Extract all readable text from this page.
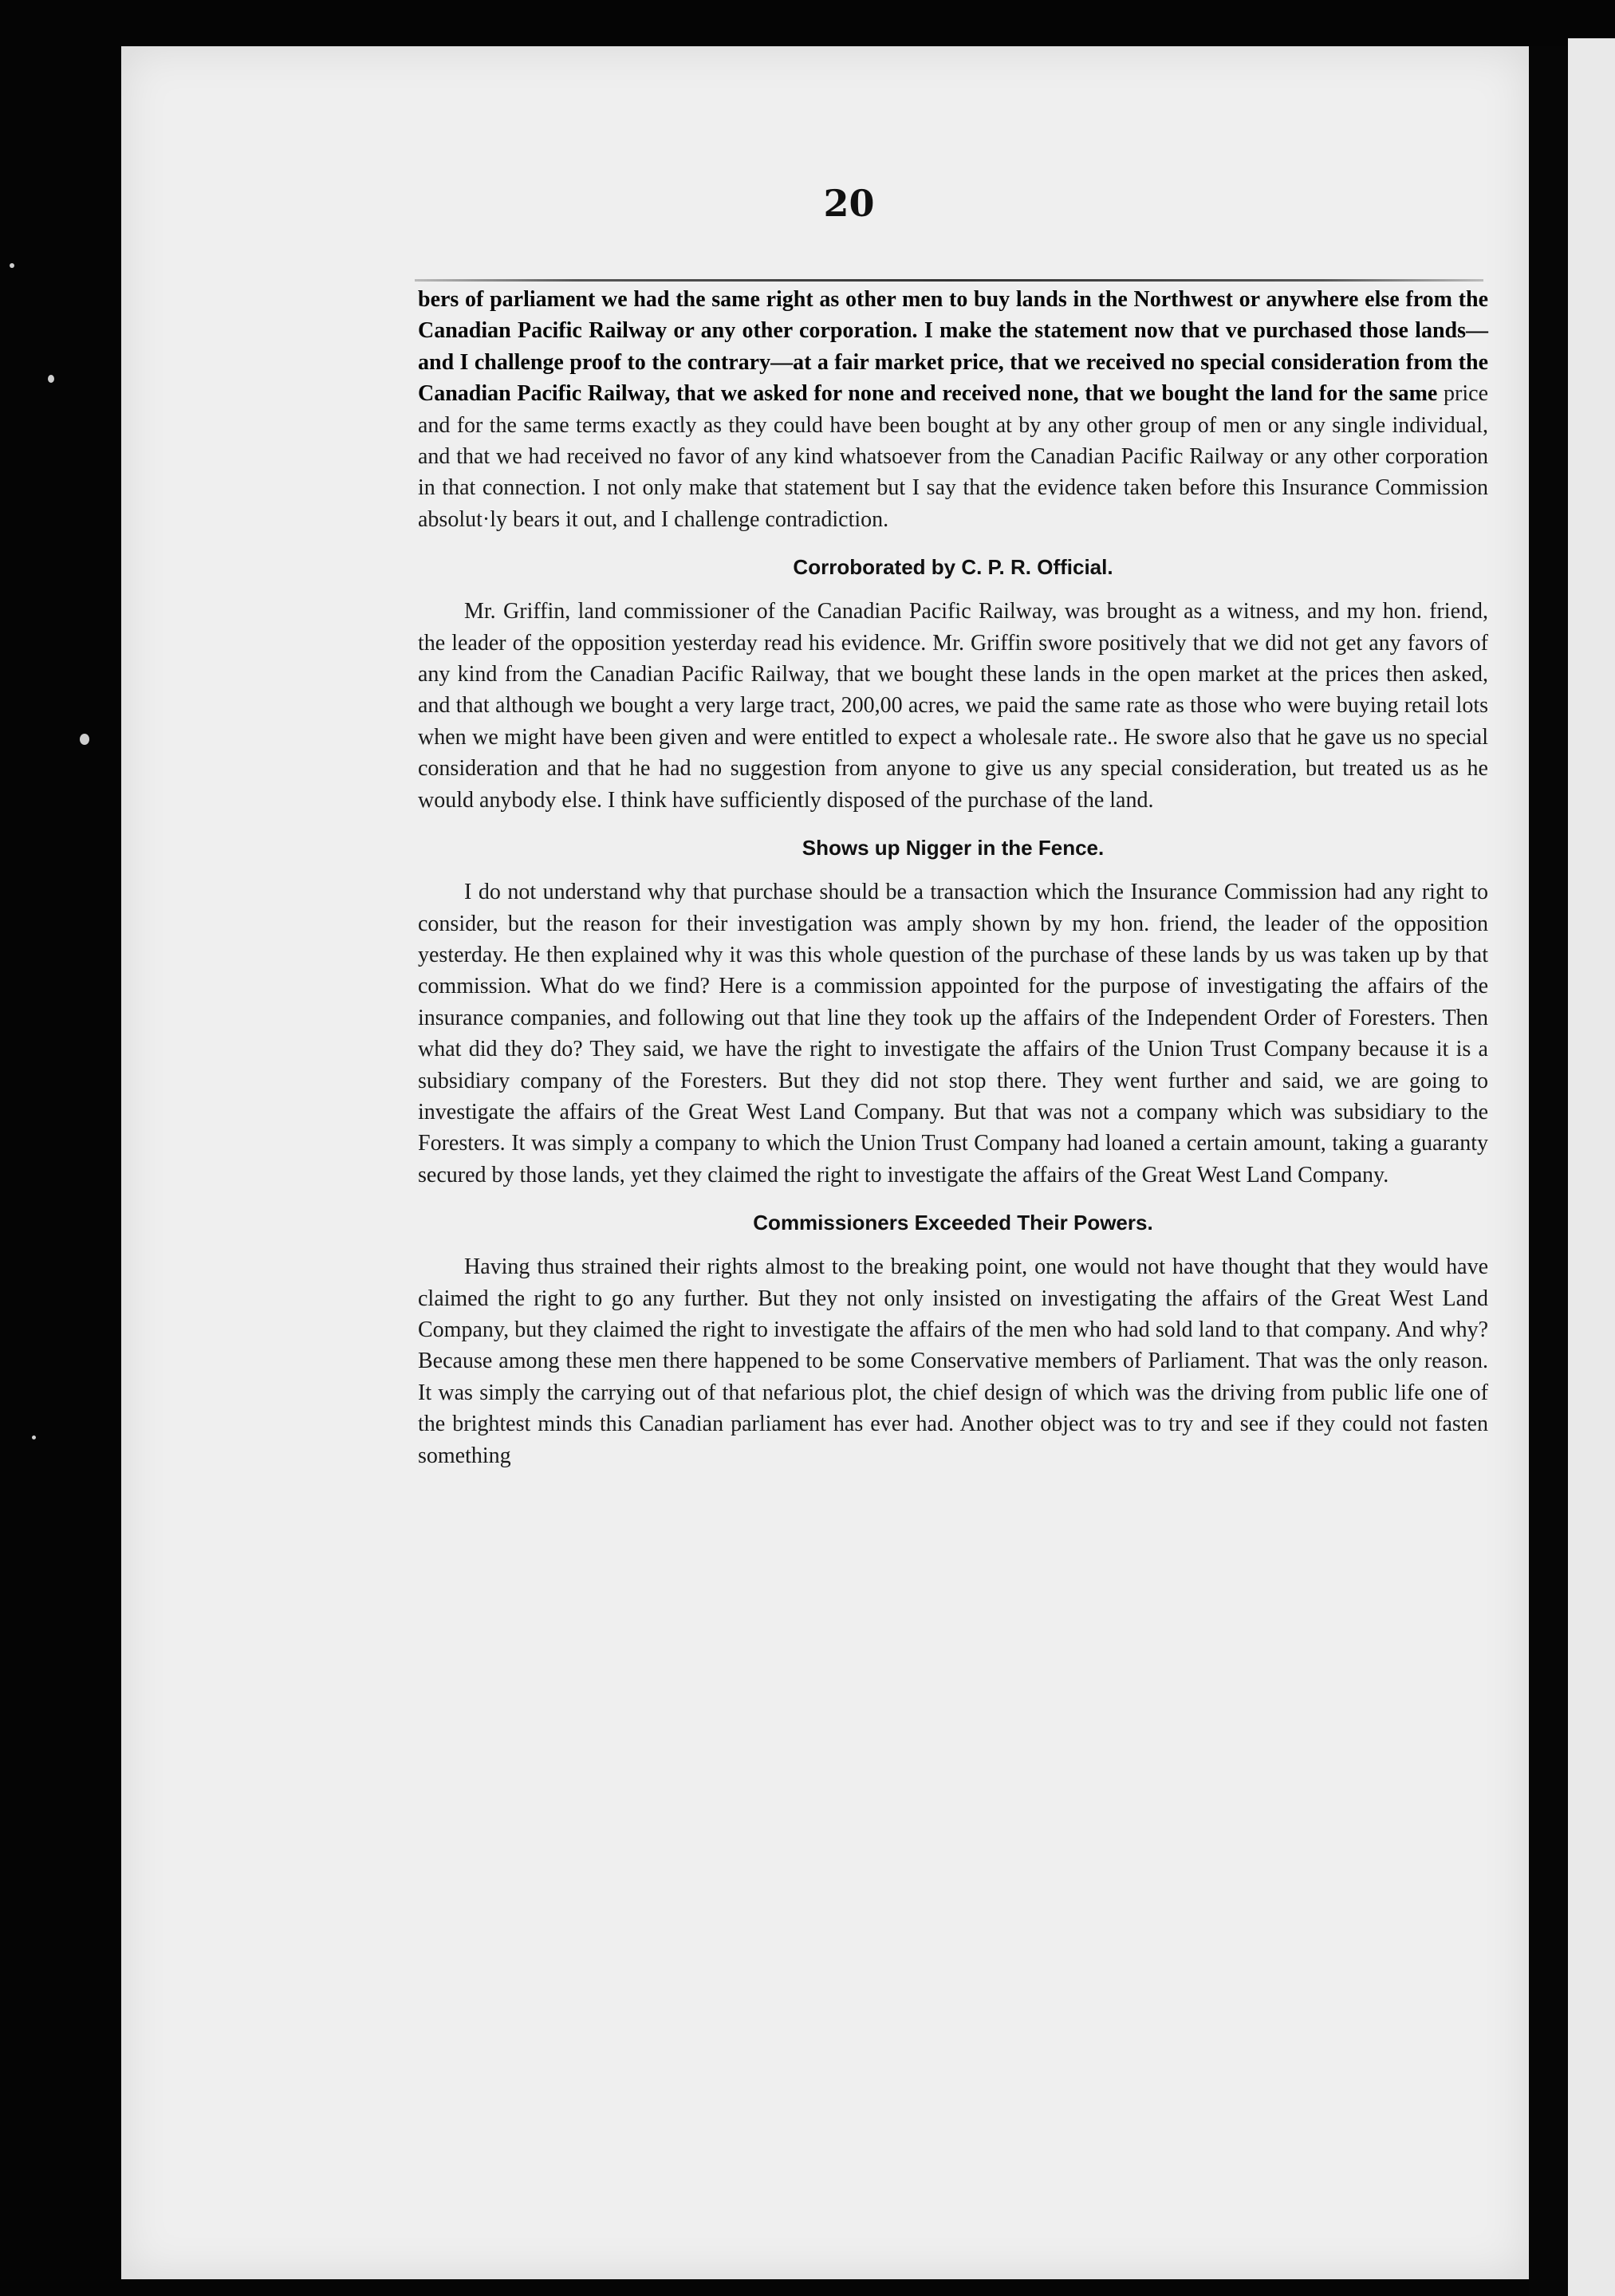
20

bers of parliament we had the same right as other men to buy lands in the Northwest or anywhere else from the Canadian Pacific Railway or any other corporation. I make the statement now that ve purchased those lands—and I challenge proof to the contrary—at a fair market price, that we received no special consideration from the Canadian Pacific Railway, that we asked for none and received none, that we bought the land for the same price and for the same terms exactly as they could have been bought at by any other group of men or any single individual, and that we had received no favor of any kind whatsoever from the Canadian Pacific Railway or any other corporation in that connection. I not only make that statement but I say that the evidence taken before this Insurance Commission absolut·ly bears it out, and I challenge contradiction.

Corroborated by C. P. R. Official.

Mr. Griffin, land commissioner of the Canadian Pacific Railway, was brought as a witness, and my hon. friend, the leader of the opposition yesterday read his evidence. Mr. Griffin swore positively that we did not get any favors of any kind from the Canadian Pacific Railway, that we bought these lands in the open market at the prices then asked, and that although we bought a very large tract, 200,00 acres, we paid the same rate as those who were buying retail lots when we might have been given and were entitled to expect a wholesale rate.. He swore also that he gave us no special consideration and that he had no suggestion from anyone to give us any special consideration, but treated us as he would anybody else. I think have sufficiently disposed of the purchase of the land.

Shows up Nigger in the Fence.

I do not understand why that purchase should be a transaction which the Insurance Commission had any right to consider, but the reason for their investigation was amply shown by my hon. friend, the leader of the opposition yesterday. He then explained why it was this whole question of the purchase of these lands by us was taken up by that commission. What do we find? Here is a commission appointed for the purpose of investigating the affairs of the insurance companies, and following out that line they took up the affairs of the Independent Order of Foresters. Then what did they do? They said, we have the right to investigate the affairs of the Union Trust Company because it is a subsidiary company of the Foresters. But they did not stop there. They went further and said, we are going to investigate the affairs of the Great West Land Company. But that was not a company which was subsidiary to the Foresters. It was simply a company to which the Union Trust Company had loaned a certain amount, taking a guaranty secured by those lands, yet they claimed the right to investigate the affairs of the Great West Land Company.

Commissioners Exceeded Their Powers.

Having thus strained their rights almost to the breaking point, one would not have thought that they would have claimed the right to go any further. But they not only insisted on investigating the affairs of the Great West Land Company, but they claimed the right to investigate the affairs of the men who had sold land to that company. And why? Because among these men there happened to be some Conservative members of Parliament. That was the only reason. It was simply the carrying out of that nefarious plot, the chief design of which was the driving from public life one of the brightest minds this Canadian parliament has ever had. Another object was to try and see if they could not fasten something
